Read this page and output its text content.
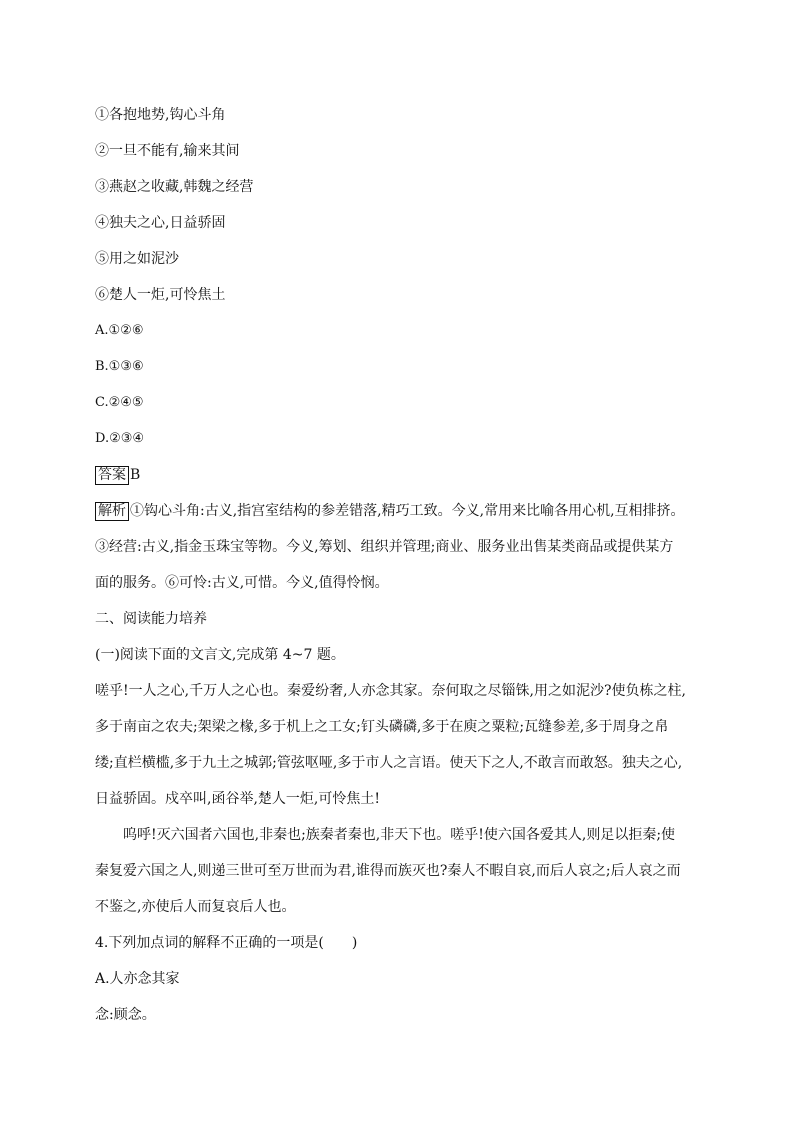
①各抱地势,钩心斗角
②一旦不能有,输来其间
③燕赵之收藏,韩魏之经营
④独夫之心,日益骄固
⑤用之如泥沙
⑥楚人一炬,可怜焦土
A.①②⑥
B.①③⑥
C.②④⑤
D.②③④
答案 B
解析 ①钩心斗角:古义,指宫室结构的参差错落,精巧工致。今义,常用来比喻各用心机,互相排挤。
③经营:古义,指金玉珠宝等物。今义,筹划、组织并管理;商业、服务业出售某类商品或提供某方
面的服务。⑥可怜:古义,可惜。今义,值得怜悯。
二、阅读能力培养
(一)阅读下面的文言文,完成第 4~7 题。
嗟乎!一人之心,千万人之心也。秦爱纷奢,人亦念其家。奈何取之尽锱铢,用之如泥沙?使负栋之柱,
多于南亩之农夫;架梁之椽,多于机上之工女;钉头磷磷,多于在庾之粟粒;瓦缝参差,多于周身之帛
缕;直栏横槛,多于九土之城郭;管弦呕哑,多于市人之言语。使天下之人,不敢言而敢怒。独夫之心,
日益骄固。戍卒叫,函谷举,楚人一炬,可怜焦土!
呜呼!灭六国者六国也,非秦也;族秦者秦也,非天下也。嗟乎!使六国各爱其人,则足以拒秦;使
秦复爱六国之人,则递三世可至万世而为君,谁得而族灭也?秦人不暇自哀,而后人哀之;后人哀之而
不鉴之,亦使后人而复哀后人也。
4.下列加点词的解释不正确的一项是(　　)
A.人亦念其家
念:顾念。
